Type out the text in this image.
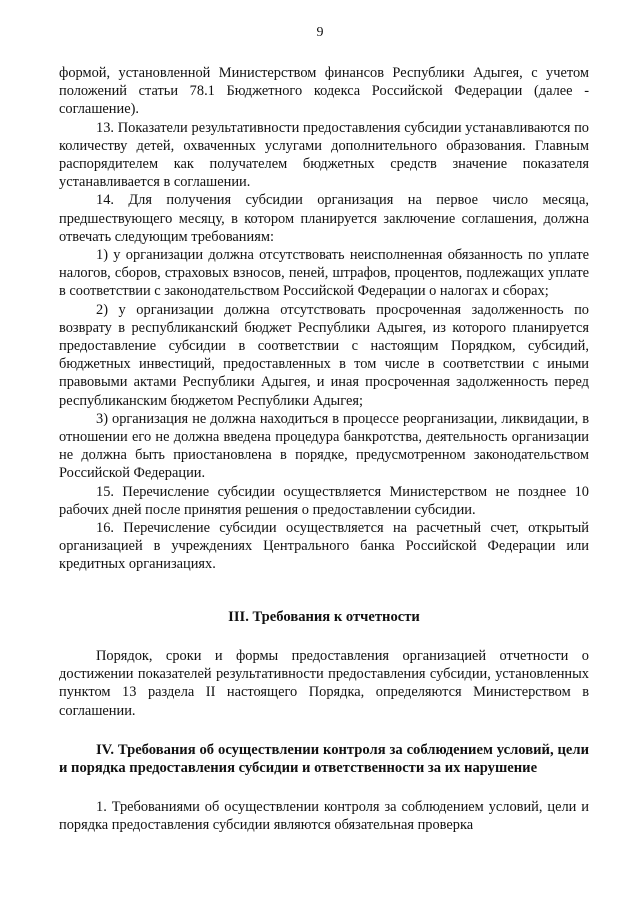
9

формой, установленной Министерством финансов Республики Адыгея, с учетом положений статьи 78.1 Бюджетного кодекса Российской Федерации (далее - соглашение).

13. Показатели результативности предоставления субсидии устанавливаются по количеству детей, охваченных услугами дополнительного образования. Главным распорядителем как получателем бюджетных средств значение показателя устанавливается в соглашении.

14. Для получения субсидии организация на первое число месяца, предшествующего месяцу, в котором планируется заключение соглашения, должна отвечать следующим требованиям:

1) у организации должна отсутствовать неисполненная обязанность по уплате налогов, сборов, страховых взносов, пеней, штрафов, процентов, подлежащих уплате в соответствии с законодательством Российской Федерации о налогах и сборах;

2) у организации должна отсутствовать просроченная задолженность по возврату в республиканский бюджет Республики Адыгея, из которого планируется предоставление субсидии в соответствии с настоящим Порядком, субсидий, бюджетных инвестиций, предоставленных в том числе в соответствии с иными правовыми актами Республики Адыгея, и иная просроченная задолженность перед республиканским бюджетом Республики Адыгея;

3) организация не должна находиться в процессе реорганизации, ликвидации, в отношении его не должна введена процедура банкротства, деятельность организации не должна быть приостановлена в порядке, предусмотренном законодательством Российской Федерации.

15. Перечисление субсидии осуществляется Министерством не позднее 10 рабочих дней после принятия решения о предоставлении субсидии.

16. Перечисление субсидии осуществляется на расчетный счет, открытый организацией в учреждениях Центрального банка Российской Федерации или кредитных организациях.

III. Требования к отчетности

Порядок, сроки и формы предоставления организацией отчетности о достижении показателей результативности предоставления субсидии, установленных пунктом 13 раздела II настоящего Порядка, определяются Министерством в соглашении.

IV. Требования об осуществлении контроля за соблюдением условий, цели и порядка предоставления субсидии и ответственности за их нарушение

1. Требованиями об осуществлении контроля за соблюдением условий, цели и порядка предоставления субсидии являются обязательная проверка
